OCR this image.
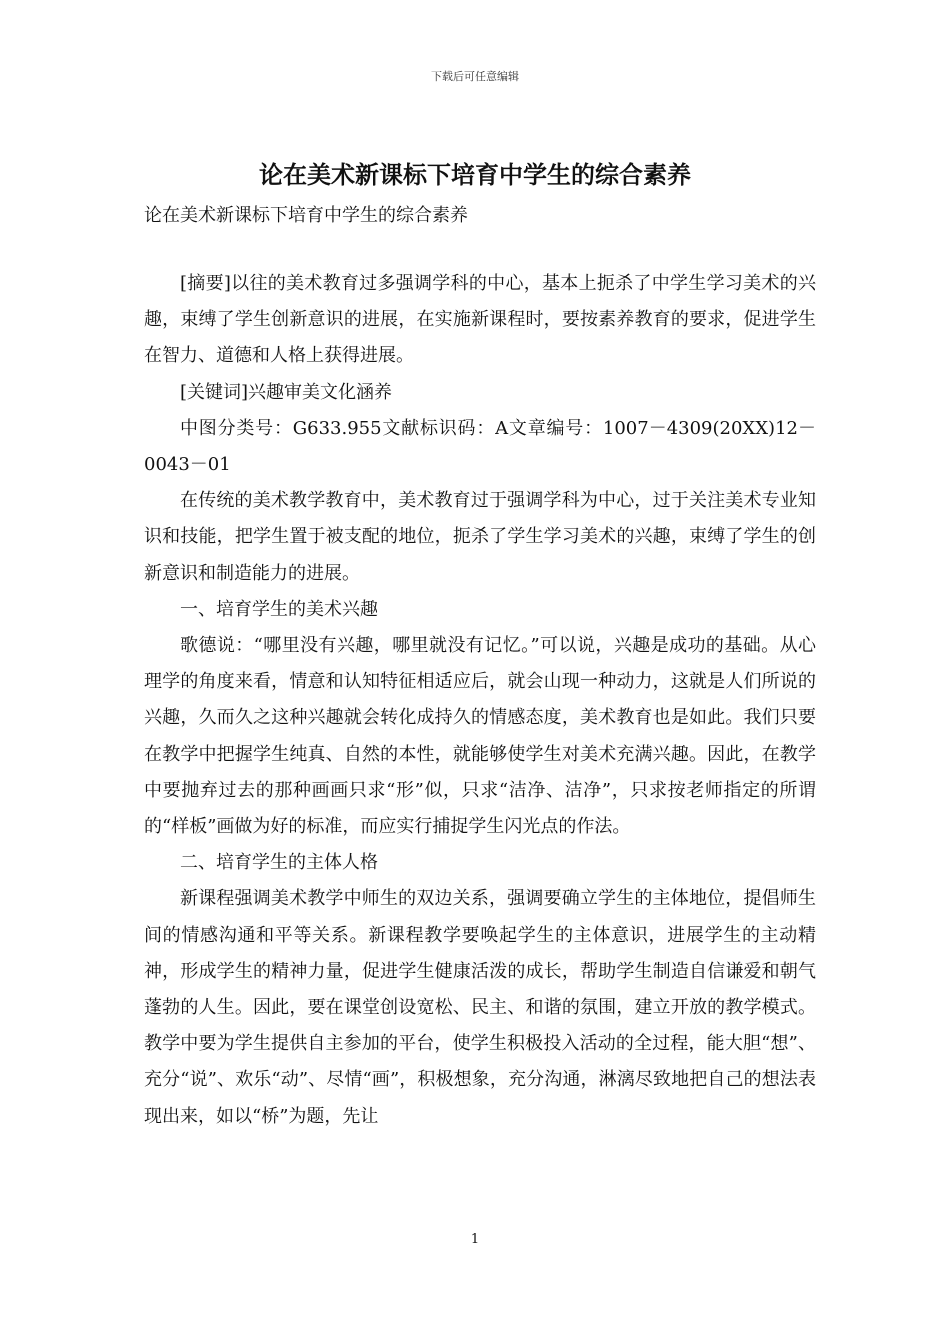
下载后可任意编辑
论在美术新课标下培育中学生的综合素养
论在美术新课标下培育中学生的综合素养

[摘要]以往的美术教育过多强调学科的中心，基本上扼杀了中学生学习美术的兴趣，束缚了学生创新意识的进展，在实施新课程时，要按素养教育的要求，促进学生在智力、道德和人格上获得进展。

[关键词]兴趣审美文化涵养

中图分类号：G633.955文献标识码：A文章编号：1007－4309(20XX)12－0043－01

在传统的美术教学教育中，美术教育过于强调学科为中心，过于关注美术专业知识和技能，把学生置于被支配的地位，扼杀了学生学习美术的兴趣，束缚了学生的创新意识和制造能力的进展。

一、培育学生的美术兴趣

歌德说：“哪里没有兴趣，哪里就没有记忆。”可以说，兴趣是成功的基础。从心理学的角度来看，情意和认知特征相适应后，就会山现一种动力，这就是人们所说的兴趣，久而久之这种兴趣就会转化成持久的情感态度，美术教育也是如此。我们只要在教学中把握学生纯真、自然的本性，就能够使学生对美术充满兴趣。因此，在教学中要抛弃过去的那种画画只求“形”似，只求“洁净、洁净”，只求按老师指定的所谓的“样板”画做为好的标准，而应实行捕捉学生闪光点的作法。

二、培育学生的主体人格

新课程强调美术教学中师生的双边关系，强调要确立学生的主体地位，提倡师生间的情感沟通和平等关系。新课程教学要唤起学生的主体意识，进展学生的主动精神，形成学生的精神力量，促进学生健康活泼的成长，帮助学生制造自信谦爱和朝气蓬勃的人生。因此，要在课堂创设宽松、民主、和谐的氛围，建立开放的教学模式。教学中要为学生提供自主参加的平台，使学生积极投入活动的全过程，能大胆“想”、充分“说”、欢乐“动”、尽情“画”，积极想象，充分沟通，淋漓尽致地把自己的想法表现出来，如以“桥”为题，先让

1
